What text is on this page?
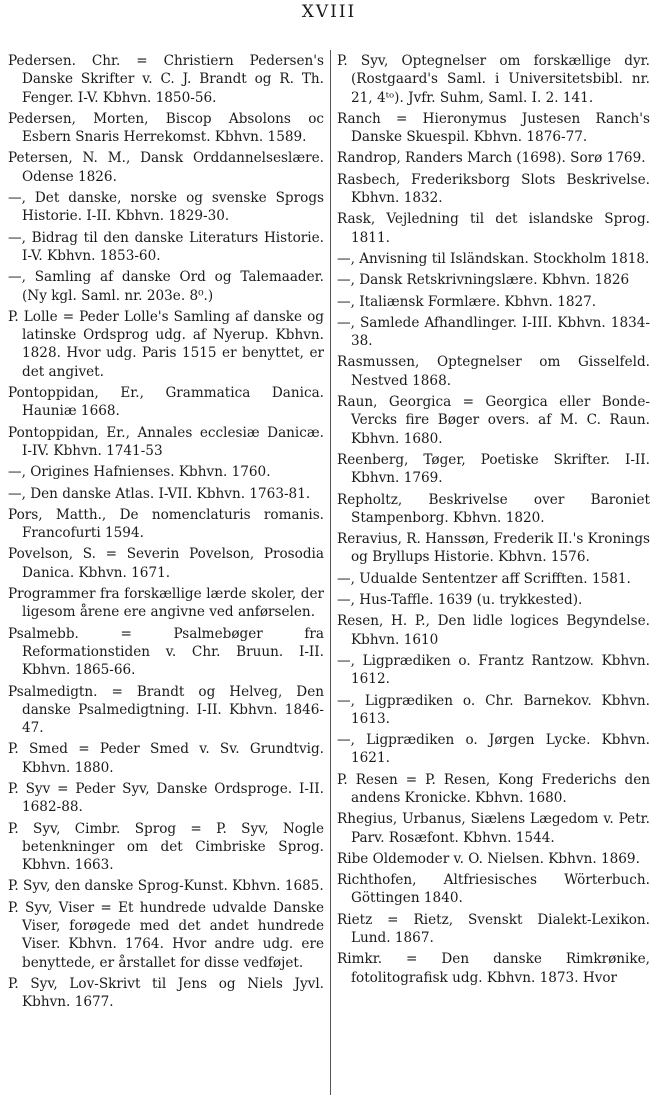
XVIII

Pedersen. Chr. = Christiern Pedersen's Danske Skrifter v. C. J. Brandt og R. Th. Fenger. I-V. Kbhvn. 1850-56.

Pedersen, Morten, Biscop Absolons oc Esbern Snaris Herrekomst. Kbhvn. 1589.

Petersen, N. M., Dansk Orddannelseslære. Odense 1826.

—, Det danske, norske og svenske Sprogs Historie. I-II. Kbhvn. 1829-30.

—, Bidrag til den danske Literaturs Historie. I-V. Kbhvn. 1853-60.

—, Samling af danske Ord og Talemaader. (Ny kgl. Saml. nr. 203e. 8⁰.)

P. Lolle = Peder Lolle's Samling af danske og latinske Ordsprog udg. af Nyerup. Kbhvn. 1828. Hvor udg. Paris 1515 er benyttet, er det angivet.

Pontoppidan, Er., Grammatica Danica. Hauniæ 1668.

Pontoppidan, Er., Annales ecclesiæ Danicæ. I-IV. Kbhvn. 1741-53

—, Origines Hafnienses. Kbhvn. 1760.

—, Den danske Atlas. I-VII. Kbhvn. 1763-81.

Pors, Matth., De nomenclaturis romanis. Francofurti 1594.

Povelson, S. = Severin Povelson, Prosodia Danica. Kbhvn. 1671.

Programmer fra forskællige lærde skoler, der ligesom årene ere angivne ved anførselen.

Psalmebb. = Psalmebøger fra Reformationstiden v. Chr. Bruun. I-II. Kbhvn. 1865-66.

Psalmedigtn. = Brandt og Helveg, Den danske Psalmedigtning. I-II. Kbhvn. 1846-47.

P. Smed = Peder Smed v. Sv. Grundtvig. Kbhvn. 1880.

P. Syv = Peder Syv, Danske Ordsproge. I-II. 1682-88.

P. Syv, Cimbr. Sprog = P. Syv, Nogle betenkninger om det Cimbriske Sprog. Kbhvn. 1663.

P. Syv, den danske Sprog-Kunst. Kbhvn. 1685.

P. Syv, Viser = Et hundrede udvalde Danske Viser, forøgede med det andet hundrede Viser. Kbhvn. 1764. Hvor andre udg. ere benyttede, er årstallet for disse vedføjet.

P. Syv, Lov-Skrivt til Jens og Niels Jyvl. Kbhvn. 1677.

P. Syv, Optegnelser om forskællige dyr. (Rostgaard's Saml. i Universitetsbibl. nr. 21, 4ᵗᵒ). Jvfr. Suhm, Saml. I. 2. 141.

Ranch = Hieronymus Justesen Ranch's Danske Skuespil. Kbhvn. 1876-77.

Randrop, Randers March (1698). Sorø 1769.

Rasbech, Frederiksborg Slots Beskrivelse. Kbhvn. 1832.

Rask, Vejledning til det islandske Sprog. 1811.

—, Anvisning til Isländskan. Stockholm 1818.

—, Dansk Retskrivningslære. Kbhvn. 1826

—, Italiænsk Formlære. Kbhvn. 1827.

—, Samlede Afhandlinger. I-III. Kbhvn. 1834-38.

Rasmussen, Optegnelser om Gisselfeld. Nestved 1868.

Raun, Georgica = Georgica eller Bonde-Vercks fire Bøger overs. af M. C. Raun. Kbhvn. 1680.

Reenberg, Tøger, Poetiske Skrifter. I-II. Kbhvn. 1769.

Repholtz, Beskrivelse over Baroniet Stampenborg. Kbhvn. 1820.

Reravius, R. Hanssøn, Frederik II.'s Kronings og Bryllups Historie. Kbhvn. 1576.

—, Udualde Sententzer aff Scrifften. 1581.

—, Hus-Taffle. 1639 (u. trykkested).

Resen, H. P., Den lidle logices Begyndelse. Kbhvn. 1610

—, Ligprædiken o. Frantz Rantzow. Kbhvn. 1612.

—, Ligprædiken o. Chr. Barnekov. Kbhvn. 1613.

—, Ligprædiken o. Jørgen Lycke. Kbhvn. 1621.

P. Resen = P. Resen, Kong Frederichs den andens Kronicke. Kbhvn. 1680.

Rhegius, Urbanus, Siælens Lægedom v. Petr. Parv. Rosæfont. Kbhvn. 1544.

Ribe Oldemoder v. O. Nielsen. Kbhvn. 1869.

Richthofen, Altfriesisches Wörterbuch. Göttingen 1840.

Rietz = Rietz, Svenskt Dialekt-Lexikon. Lund. 1867.

Rimkr. = Den danske Rimkrønike, fotolitografisk udg. Kbhvn. 1873. Hvor
